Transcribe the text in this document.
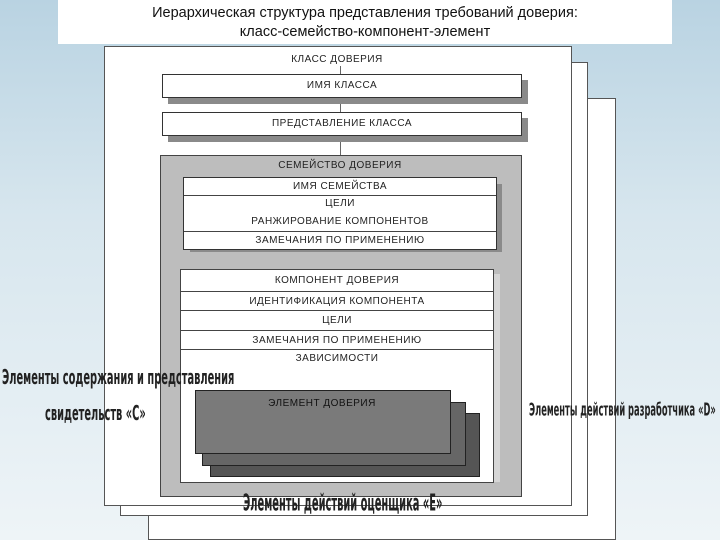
Иерархическая структура представления требований доверия:
класс-семейство-компонент-элемент
КЛАСС ДОВЕРИЯ
ИМЯ КЛАССА
ПРЕДСТАВЛЕНИЕ КЛАССА
СЕМЕЙСТВО ДОВЕРИЯ
ИМЯ СЕМЕЙСТВА
ЦЕЛИ
РАНЖИРОВАНИЕ КОМПОНЕНТОВ
ЗАМЕЧАНИЯ ПО ПРИМЕНЕНИЮ
КОМПОНЕНТ ДОВЕРИЯ
ИДЕНТИФИКАЦИЯ КОМПОНЕНТА
ЦЕЛИ
ЗАМЕЧАНИЯ ПО ПРИМЕНЕНИЮ
ЗАВИСИМОСТИ
ЭЛЕМЕНТ ДОВЕРИЯ
Элементы содержания и представления
свидетельств «С»	Элементы действий разработчика «D»
Элементы действий оценщика «Е»
